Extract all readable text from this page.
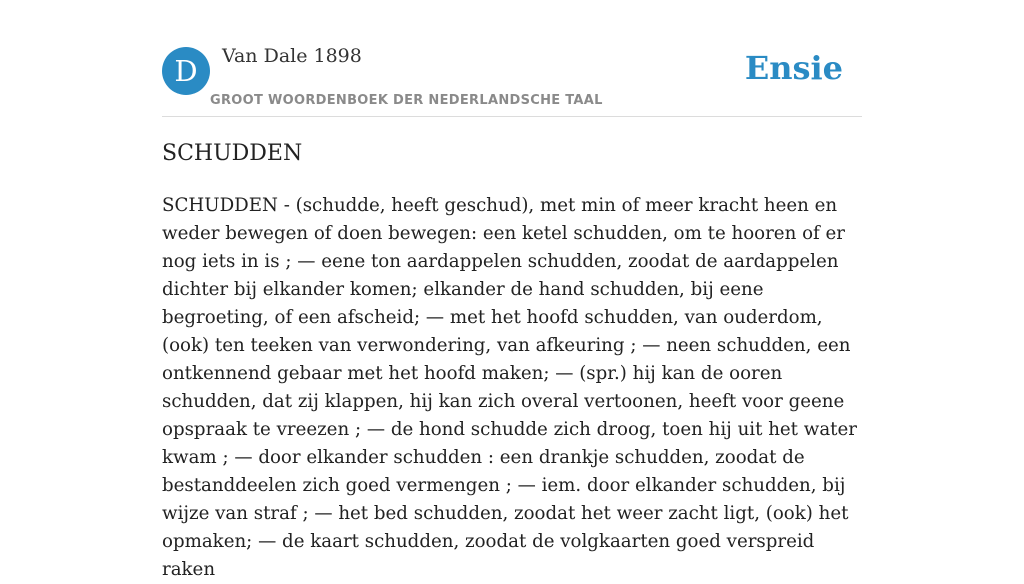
D	Van Dale 1898
GROOT WOORDENBOEK DER NEDERLANDSCHE TAAL
Ensie
SCHUDDEN

SCHUDDEN - (schudde, heeft geschud), met min of meer kracht heen en weder bewegen of doen bewegen: een ketel schudden, om te hooren of er nog iets in is ; — eene ton aardappelen schudden, zoodat de aardappelen dichter bij elkander komen; elkander de hand schudden, bij eene begroeting, of een afscheid; — met het hoofd schudden, van ouderdom, (ook) ten teeken van verwondering, van afkeuring ; — neen schudden, een ontkennend gebaar met het hoofd maken; — (spr.) hij kan de ooren schudden, dat zij klappen, hij kan zich overal vertoonen, heeft voor geene opspraak te vreezen ; — de hond schudde zich droog, toen hij uit het water kwam ; — door elkander schudden : een drankje schudden, zoodat de bestanddeelen zich goed vermengen ; — iem. door elkander schudden, bij wijze van straf ; — het bed schudden, zoodat het weer zacht ligt, (ook) het opmaken; — de kaart schudden, zoodat de volgkaarten goed verspreid raken
